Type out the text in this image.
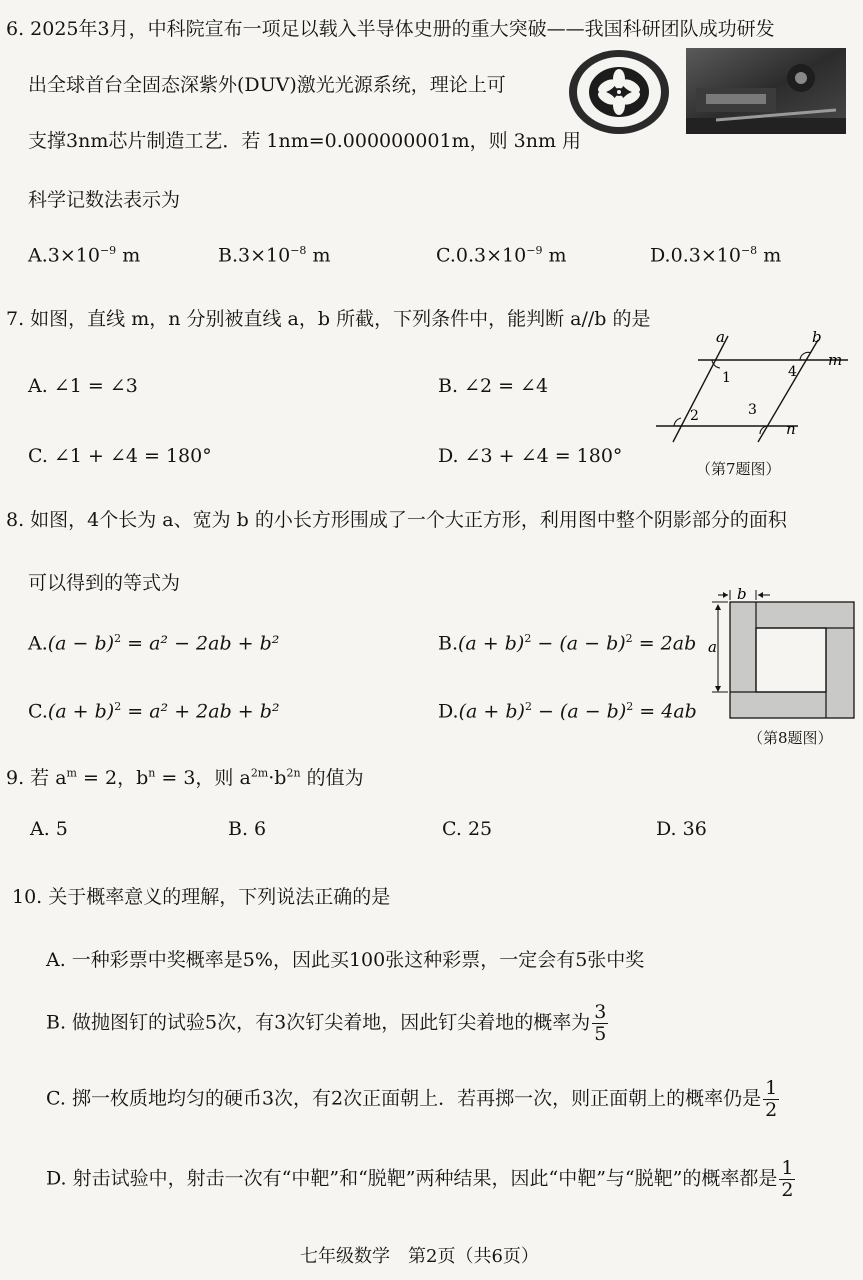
6. 2025年3月，中科院宣布一项足以载入半导体史册的重大突破——我国科研团队成功研发
出全球首台全固态深紫外(DUV)激光光源系统，理论上可
支撑3nm芯片制造工艺．若 1nm=0.000000001m，则 3nm 用
科学记数法表示为
$A.3\times 10^{-9}$ m	$B.3\times 10^{-8}$ m	$C.0.3\times 10^{-9}$ m	$D.0.3\times 10^{-8}$ m
7. 如图，直线 m，n 分别被直线 a，b 所截，下列条件中，能判断 a//b 的是
A. ∠1 = ∠3	B. ∠2 = ∠4
C. ∠1 + ∠4 = 180°	D. ∠3 + ∠4 = 180°
a	b
m
n
1
2	3
4
（第7题图）
8. 如图，4个长为 a、宽为 b 的小长方形围成了一个大正方形，利用图中整个阴影部分的面积
可以得到的等式为
$A.(a - b)^2 = a^2 - 2ab + b^2$	$B.(a + b)^2 - (a - b)^2 = 2ab$
$C.(a + b)^2 = a^2 + 2ab + b^2$	$D.(a + b)^2 - (a - b)^2 = 4ab$
b
a
（第8题图）
9. 若 $a^m = 2$，$b^n = 3$，则 $a^{2m}\cdot b^{2n}$ 的值为
A. 5	B. 6	C. 25	D. 36
10. 关于概率意义的理解，下列说法正确的是
A. 一种彩票中奖概率是5%，因此买100张这种彩票，一定会有5张中奖
B. 做抛图钉的试验5次，有3次钉尖着地，因此钉尖着地的概率为 $\frac{3}{5}$
C. 掷一枚质地均匀的硬币3次，有2次正面朝上．若再掷一次，则正面朝上的概率仍是 $\frac{1}{2}$
D. 射击试验中，射击一次有“中靶”和“脱靶”两种结果，因此“中靶”与“脱靶”的概率都是 $\frac{1}{2}$
七年级数学　第2页（共6页）
